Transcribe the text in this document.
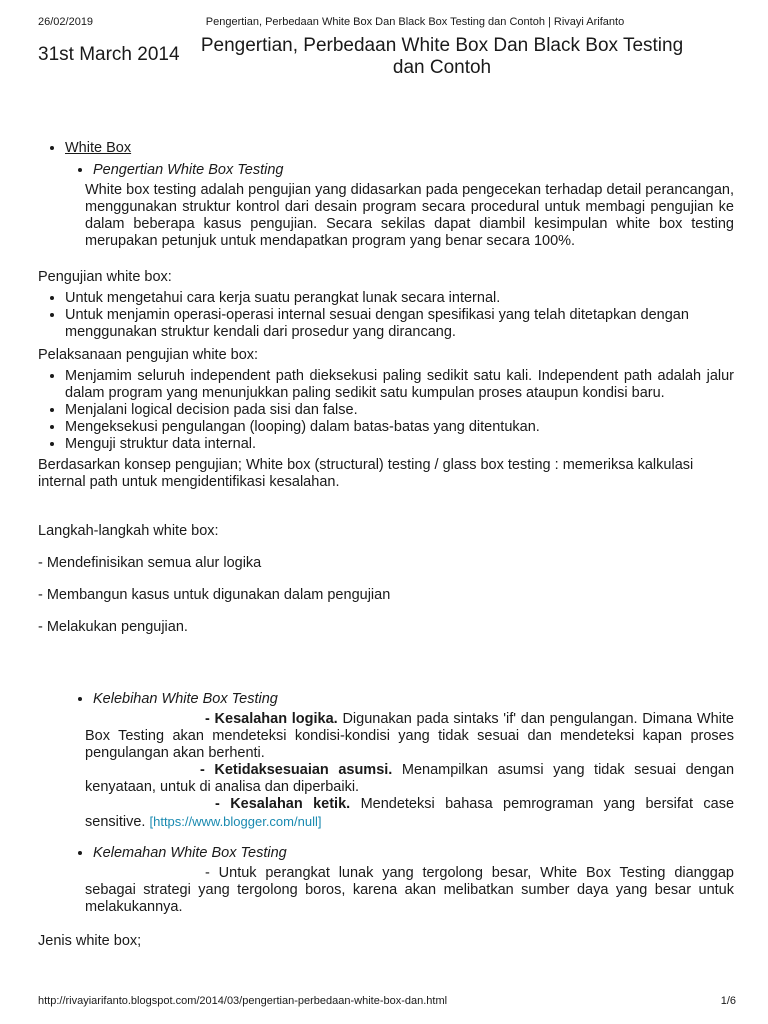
26/02/2019	Pengertian, Perbedaan White Box Dan Black Box Testing dan Contoh | Rivayi Arifanto
31st March 2014	Pengertian, Perbedaan White Box Dan Black Box Testing
dan Contoh
• White Box
• Pengertian White Box Testing

White box testing adalah pengujian yang didasarkan pada pengecekan terhadap detail perancangan, menggunakan struktur kontrol dari desain program secara procedural untuk membagi pengujian ke dalam beberapa kasus pengujian. Secara sekilas dapat diambil kesimpulan white box testing merupakan petunjuk untuk mendapatkan program yang benar secara 100%.

Pengujian white box:

• Untuk mengetahui cara kerja suatu perangkat lunak secara internal.
• Untuk menjamin operasi-operasi internal sesuai dengan spesifikasi yang telah ditetapkan dengan menggunakan struktur kendali dari prosedur yang dirancang.

Pelaksanaan pengujian white box:

• Menjamim seluruh independent path dieksekusi paling sedikit satu kali. Independent path adalah jalur dalam program yang menunjukkan paling sedikit satu kumpulan proses ataupun kondisi baru.
• Menjalani logical decision pada sisi dan false.
• Mengeksekusi pengulangan (looping) dalam batas-batas yang ditentukan.
• Menguji struktur data internal.

Berdasarkan konsep pengujian; White box (structural) testing / glass box testing : memeriksa kalkulasi internal path untuk mengidentifikasi kesalahan.

Langkah-langkah white box:

- Mendefinisikan semua alur logika

- Membangun kasus untuk digunakan dalam pengujian

- Melakukan pengujian.

• Kelebihan White Box Testing

- Kesalahan logika. Digunakan pada sintaks 'if' dan pengulangan. Dimana White Box Testing akan mendeteksi kondisi-kondisi yang tidak sesuai dan mendeteksi kapan proses pengulangan akan berhenti.

- Ketidaksesuaian asumsi. Menampilkan asumsi yang tidak sesuai dengan kenyataan, untuk di analisa dan diperbaiki.

- Kesalahan ketik. Mendeteksi bahasa pemrograman yang bersifat case sensitive. [https://www.blogger.com/null]

• Kelemahan White Box Testing

- Untuk perangkat lunak yang tergolong besar, White Box Testing dianggap sebagai strategi yang tergolong boros, karena akan melibatkan sumber daya yang besar untuk melakukannya.

Jenis white box;

http://rivayiarifanto.blogspot.com/2014/03/pengertian-perbedaan-white-box-dan.html	1/6
